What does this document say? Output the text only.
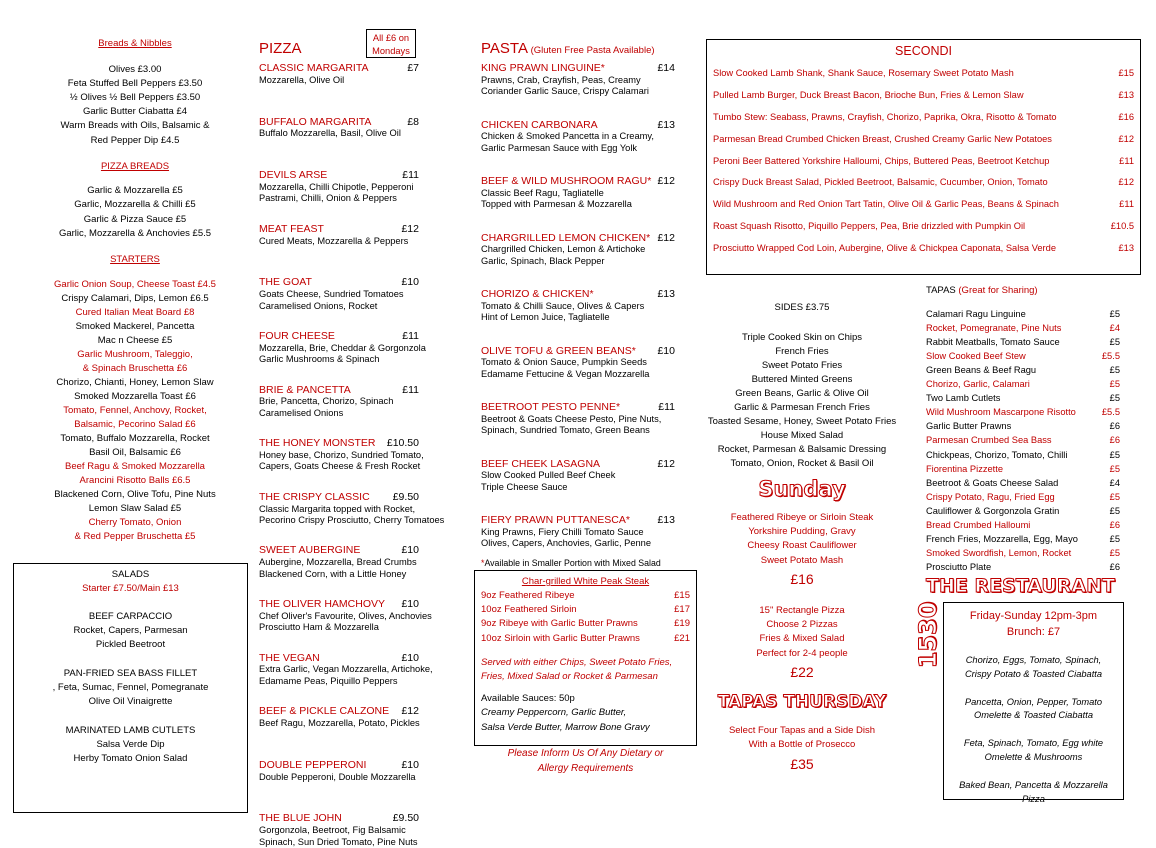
Breads & Nibbles
Olives £3.00
Feta Stuffed Bell Peppers £3.50
½ Olives ½ Bell Peppers £3.50
Garlic Butter Ciabatta £4
Warm Breads with Oils, Balsamic &
Red Pepper Dip £4.5
PIZZA BREADS
Garlic & Mozzarella £5
Garlic, Mozzarella & Chilli £5
Garlic & Pizza Sauce £5
Garlic, Mozzarella & Anchovies £5.5
STARTERS
Garlic Onion Soup, Cheese Toast £4.5
Crispy Calamari, Dips, Lemon £6.5
Cured Italian Meat Board £8
Smoked Mackerel, Pancetta
Mac n Cheese £5
Garlic Mushroom, Taleggio,
& Spinach Bruschetta £6
Chorizo, Chianti, Honey, Lemon Slaw
Smoked Mozzarella Toast £6
Tomato, Fennel, Anchovy, Rocket,
Balsamic, Pecorino Salad £6
Tomato, Buffalo Mozzarella, Rocket
Basil Oil, Balsamic £6
Beef Ragu & Smoked Mozzarella
Arancini Risotto Balls £6.5
Blackened Corn, Olive Tofu, Pine Nuts
Lemon Slaw Salad £5
Cherry Tomato, Onion
& Red Pepper Bruschetta £5
SALADS
Starter £7.50/Main £13
BEEF CARPACCIO
Rocket, Capers, Parmesan
Pickled Beetroot

PAN-FRIED SEA BASS FILLET
, Feta, Sumac, Fennel, Pomegranate
Olive Oil Vinaigrette

MARINATED LAMB CUTLETS
Salsa Verde Dip
Herby Tomato Onion Salad
PIZZA
All £6 on
Mondays
CLASSIC MARGARITA	£7
Mozzarella, Olive Oil
BUFFALO MARGARITA	£8
Buffalo Mozzarella, Basil, Olive Oil
DEVILS ARSE	£11
Mozzarella, Chilli Chipotle, Pepperoni
Pastrami, Chilli, Onion & Peppers
MEAT FEAST	£12
Cured Meats, Mozzarella & Peppers
THE GOAT	£10
Goats Cheese, Sundried Tomatoes
Caramelised Onions, Rocket
FOUR CHEESE	£11
Mozzarella, Brie, Cheddar & Gorgonzola
Garlic Mushrooms & Spinach
BRIE & PANCETTA	£11
Brie, Pancetta, Chorizo, Spinach
Caramelised Onions
THE HONEY MONSTER £10.50
Honey base, Chorizo, Sundried Tomato,
Capers, Goats Cheese & Fresh Rocket
THE CRISPY CLASSIC £9.50
Classic Margarita topped with Rocket,
Pecorino Crispy Prosciutto, Cherry Tomatoes
SWEET AUBERGINE	£10
Aubergine, Mozzarella, Bread Crumbs
Blackened Corn, with a Little Honey
THE OLIVER HAMCHOVY £10
Chef Oliver's Favourite, Olives, Anchovies
Prosciutto Ham & Mozzarella
THE VEGAN	£10
Extra Garlic, Vegan Mozzarella, Artichoke,
Edamame Peas, Piquillo Peppers
BEEF & PICKLE CALZONE £12
Beef Ragu, Mozzarella, Potato, Pickles
DOUBLE PEPPERONI	£10
Double Pepperoni, Double Mozzarella
THE BLUE JOHN	£9.50
Gorgonzola, Beetroot, Fig Balsamic
Spinach, Sun Dried Tomato, Pine Nuts
PASTA (Gluten Free Pasta Available)
KING PRAWN LINGUINE*	£14
Prawns, Crab, Crayfish, Peas, Creamy
Coriander Garlic Sauce, Crispy Calamari
CHICKEN CARBONARA	£13
Chicken & Smoked Pancetta in a Creamy,
Garlic Parmesan Sauce with Egg Yolk
BEEF & WILD MUSHROOM RAGU* £12
Classic Beef Ragu, Tagliatelle
Topped with Parmesan & Mozzarella
CHARGRILLED LEMON CHICKEN* £12
Chargrilled Chicken, Lemon & Artichoke
Garlic, Spinach, Black Pepper
CHORIZO & CHICKEN*	£13
Tomato & Chilli Sauce, Olives & Capers
Hint of Lemon Juice, Tagliatelle
OLIVE TOFU & GREEN BEANS* £10
Tomato & Onion Sauce, Pumpkin Seeds
Edamame Fettucine & Vegan Mozzarella
BEETROOT PESTO PENNE*	£11
Beetroot & Goats Cheese Pesto, Pine Nuts,
Spinach, Sundried Tomato, Green Beans
BEEF CHEEK LASAGNA	£12
Slow Cooked Pulled Beef Cheek
Triple Cheese Sauce
FIERY PRAWN PUTTANESCA*	£13
King Prawns, Fiery Chilli Tomato Sauce
Olives, Capers, Anchovies, Garlic, Penne
*Available in Smaller Portion with Mixed Salad
Char-grilled White Peak Steak
9oz Feathered Ribeye	£15
10oz Feathered Sirloin	£17
9oz Ribeye with Garlic Butter Prawns	£19
10oz Sirloin with Garlic Butter Prawns	£21
Served with either Chips, Sweet Potato Fries,
Fries, Mixed Salad or Rocket & Parmesan
Available Sauces: 50p
Creamy Peppercorn, Garlic Butter,
Salsa Verde Butter, Marrow Bone Gravy
Please Inform Us Of Any Dietary or
Allergy Requirements
SECONDI
Slow Cooked Lamb Shank, Shank Sauce, Rosemary Sweet Potato Mash	£15
Pulled Lamb Burger, Duck Breast Bacon, Brioche Bun, Fries & Lemon Slaw	£13
Tumbo Stew: Seabass, Prawns, Crayfish, Chorizo, Paprika, Okra, Risotto & Tomato	£16
Parmesan Bread Crumbed Chicken Breast, Crushed Creamy Garlic New Potatoes	£12
Peroni Beer Battered Yorkshire Halloumi, Chips, Buttered Peas, Beetroot Ketchup	£11
Crispy Duck Breast Salad, Pickled Beetroot, Balsamic, Cucumber, Onion, Tomato	£12
Wild Mushroom and Red Onion Tart Tatin, Olive Oil & Garlic Peas, Beans & Spinach	£11
Roast Squash Risotto, Piquillo Peppers, Pea, Brie drizzled with Pumpkin Oil	£10.5
Prosciutto Wrapped Cod Loin, Aubergine, Olive & Chickpea Caponata, Salsa Verde	£13
SIDES £3.75
Triple Cooked Skin on Chips
French Fries
Sweet Potato Fries
Buttered Minted Greens
Green Beans, Garlic & Olive Oil
Garlic & Parmesan French Fries
Toasted Sesame, Honey, Sweet Potato Fries
House Mixed Salad
Rocket, Parmesan & Balsamic Dressing
Tomato, Onion, Rocket & Basil Oil
Sunday
Feathered Ribeye or Sirloin Steak
Yorkshire Pudding, Gravy
Cheesy Roast Cauliflower
Sweet Potato Mash
£16
15" Rectangle Pizza
Choose 2 Pizzas
Fries & Mixed Salad
Perfect for 2-4 people
£22
TAPAS THURSDAY
Select Four Tapas and a Side Dish
With a Bottle of Prosecco
£35
TAPAS (Great for Sharing)
Calamari Ragu Linguine	£5
Rocket, Pomegranate, Pine Nuts	£4
Rabbit Meatballs, Tomato Sauce	£5
Slow Cooked Beef Stew	£5.5
Green Beans & Beef Ragu	£5
Chorizo, Garlic, Calamari	£5
Two Lamb Cutlets	£5
Wild Mushroom Mascarpone Risotto	£5.5
Garlic Butter Prawns	£6
Parmesan Crumbed Sea Bass	£6
Chickpeas, Chorizo, Tomato, Chilli	£5
Fiorentina Pizzette	£5
Beetroot & Goats Cheese Salad	£4
Crispy Potato, Ragu, Fried Egg	£5
Cauliflower & Gorgonzola Gratin	£5
Bread Crumbed Halloumi	£6
French Fries, Mozzarella, Egg, Mayo	£5
Smoked Swordfish, Lemon, Rocket	£5
Prosciutto Plate	£6
THE RESTAURANT
1530	Friday-Sunday 12pm-3pm
Brunch: £7
Chorizo, Eggs, Tomato, Spinach,
Crispy Potato & Toasted Ciabatta
Pancetta, Onion, Pepper, Tomato
Omelette & Toasted Ciabatta
Feta, Spinach, Tomato, Egg white
Omelette & Mushrooms
Baked Bean, Pancetta & Mozzarella
Pizza
